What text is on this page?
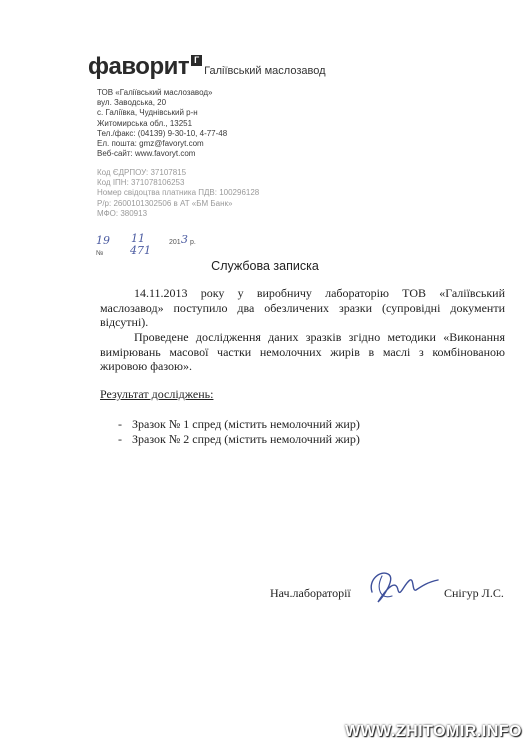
фаворит Г
Галіївський маслозавод
ТОВ «Галіївський маслозавод»
вул. Заводська, 20
с. Галіївка, Чуднівський р-н
Житомирська обл., 13251
Тел./факс: (04139) 9-30-10, 4-77-48
Ел. пошта: gmz@favoryt.com
Веб-сайт: www.favoryt.com
Код ЄДРПОУ: 37107815
Код ІПН: 371078106253
Номер свідоцтва платника ПДВ: 100296128
Р/р: 2600101302506 в АТ «БМ Банк»
МФО: 380913
19 11	201 3 р.
№ 471
Службова записка
14.11.2013 року у виробничу лабораторію ТОВ «Галіївський маслозавод» поступило два обезличених зразки (супровідні документи відсутні).
Проведене дослідження даних зразків згідно методики «Виконання вимірювань масової частки немолочних жирів в маслі з комбінованою жировою фазою».
Результат досліджень:
- Зразок № 1 спред (містить немолочний жир)
- Зразок № 2 спред (містить немолочний жир)
Нач.лабораторії	Снігур Л.С.
WWW.ZHITOMIR.INFO
